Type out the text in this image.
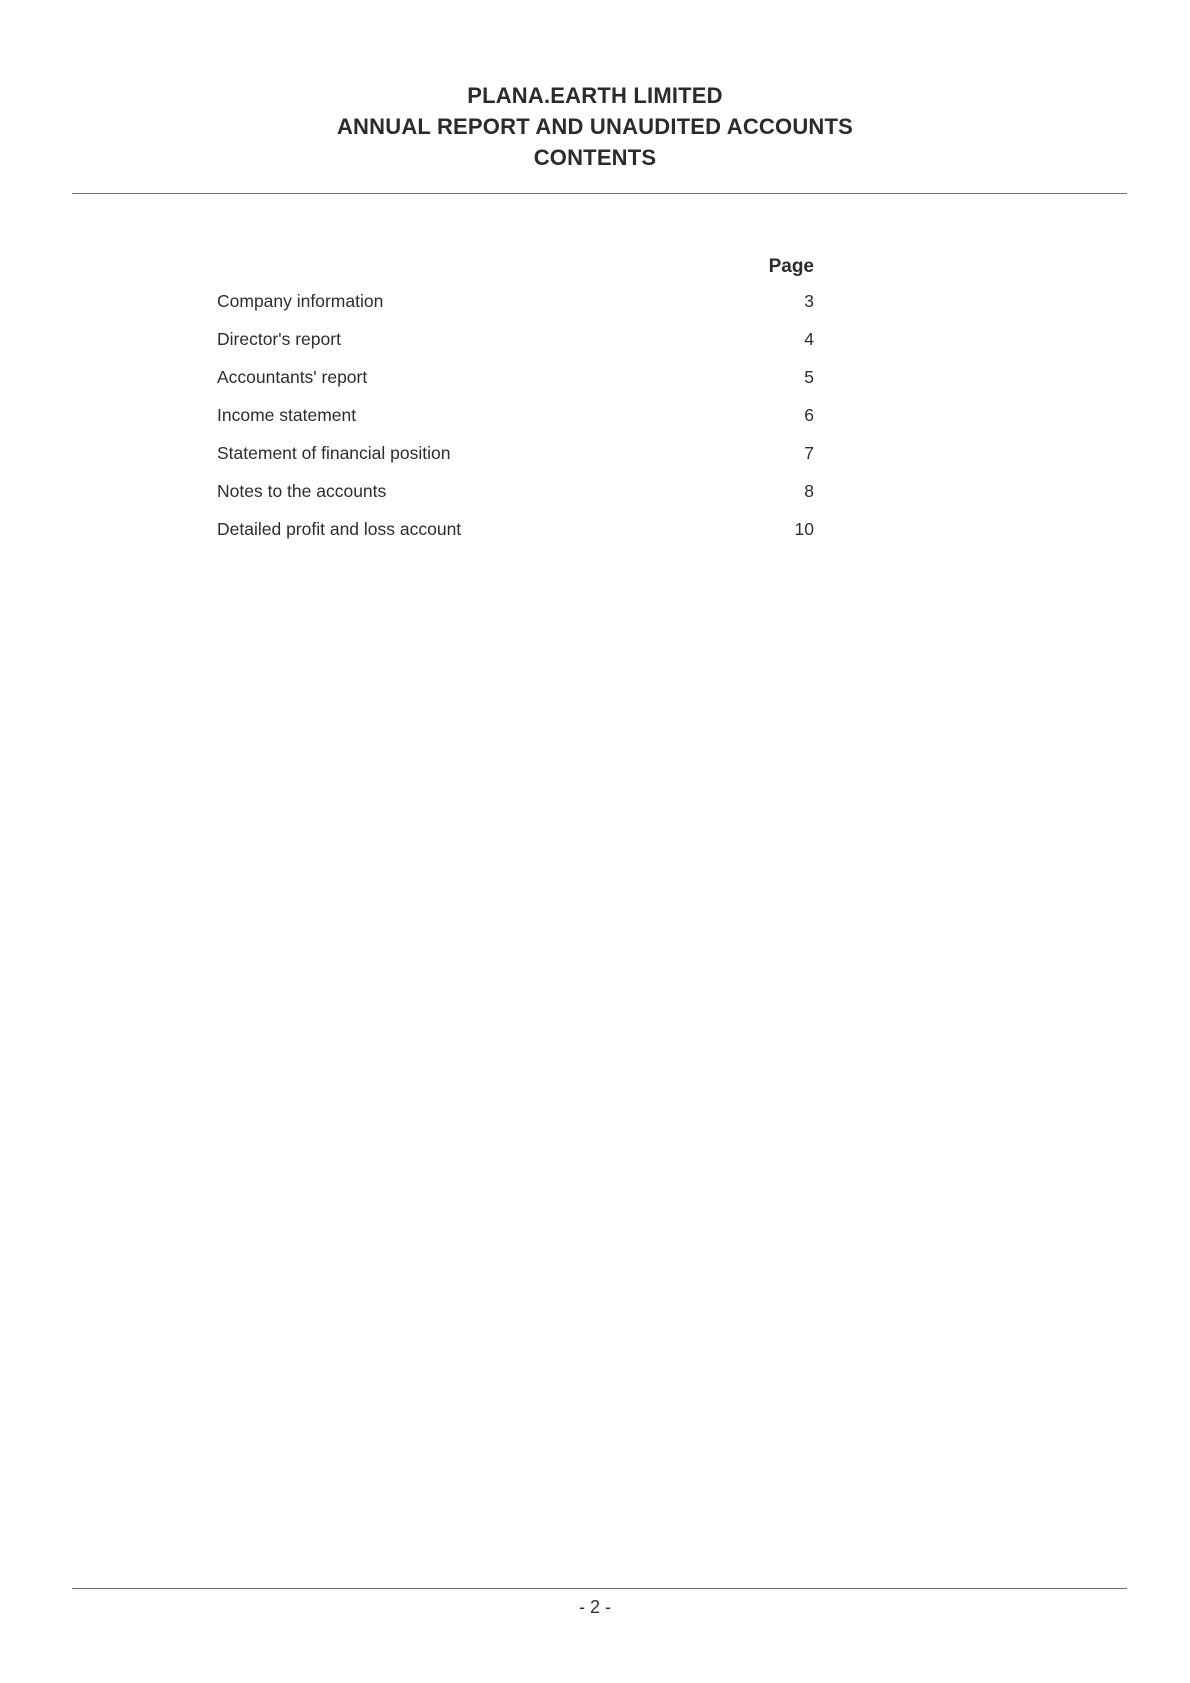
PLANA.EARTH LIMITED
ANNUAL REPORT AND UNAUDITED ACCOUNTS
CONTENTS
Page
Company information	3
Director's report	4
Accountants' report	5
Income statement	6
Statement of financial position	7
Notes to the accounts	8
Detailed profit and loss account	10
- 2 -
